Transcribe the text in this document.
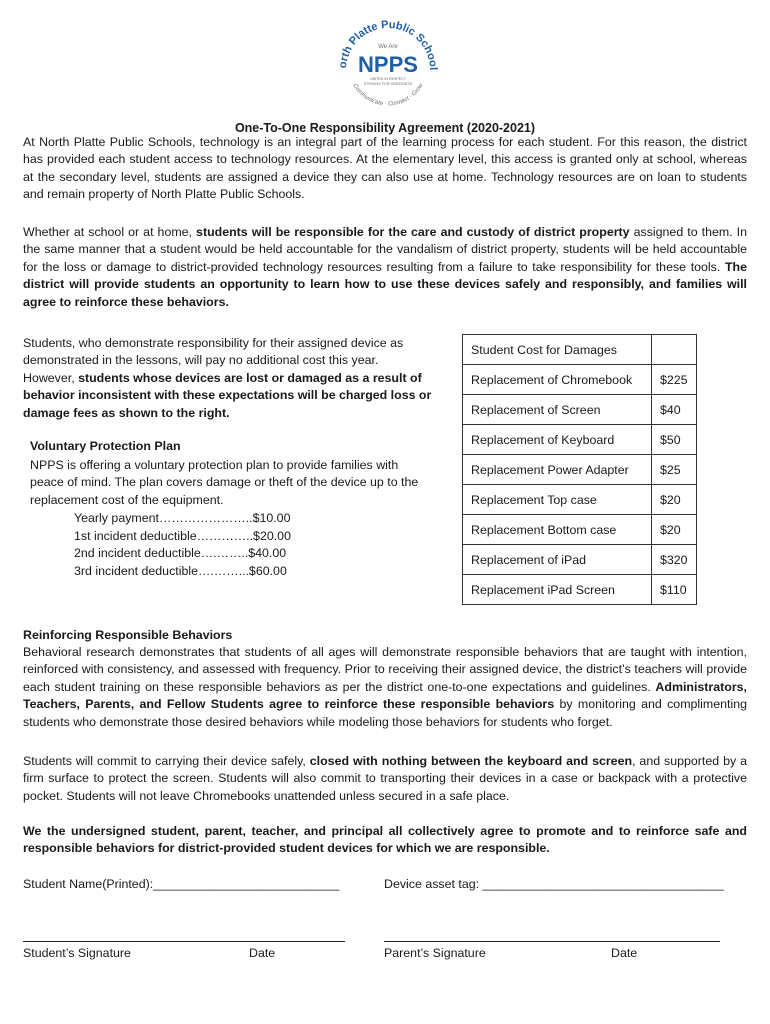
orth Platte Public School
We Are
NPPS
UNITED IN RESPECT
STRIVING FOR GREATNESS
Communicate · Connect · Grow
One-To-One Responsibility Agreement (2020-2021)

At North Platte Public Schools, technology is an integral part of the learning process for each student. For this reason, the district has provided each student access to technology resources. At the elementary level, this access is granted only at school, whereas at the secondary level, students are assigned a device they can also use at home. Technology resources are on loan to students and remain property of North Platte Public Schools.

Whether at school or at home, students will be responsible for the care and custody of district property assigned to them. In the same manner that a student would be held accountable for the vandalism of district property, students will be held accountable for the loss or damage to district-provided technology resources resulting from a failure to take responsibility for these tools. The district will provide students an opportunity to learn how to use these devices safely and responsibly, and families will agree to reinforce these behaviors.

Students, who demonstrate responsibility for their assigned device as demonstrated in the lessons, will pay no additional cost this year. However, students whose devices are lost or damaged as a result of behavior inconsistent with these expectations will be charged loss or damage fees as shown to the right.

Voluntary Protection Plan

NPPS is offering a voluntary protection plan to provide families with peace of mind. The plan covers damage or theft of the device up to the replacement cost of the equipment.

Yearly payment…………………..$10.00
1st incident deductible…………..$20.00
2nd incident deductible….……..$40.00
3rd incident deductible….……...$60.00
Student Cost for Damages	
Replacement of Chromebook	$225
Replacement of Screen	$40
Replacement of Keyboard	$50
Replacement Power Adapter	$25
Replacement Top case	$20
Replacement Bottom case	$20
Replacement of iPad	$320
Replacement iPad Screen	$110
Reinforcing Responsible Behaviors

Behavioral research demonstrates that students of all ages will demonstrate responsible behaviors that are taught with intention, reinforced with consistency, and assessed with frequency. Prior to receiving their assigned device, the district’s teachers will provide each student training on these responsible behaviors as per the district one-to-one expectations and guidelines. Administrators, Teachers, Parents, and Fellow Students agree to reinforce these responsible behaviors by monitoring and complimenting students who demonstrate those desired behaviors while modeling those behaviors for students who forget.

Students will commit to carrying their device safely, closed with nothing between the keyboard and screen, and supported by a firm surface to protect the screen. Students will also commit to transporting their devices in a case or backpack with a protective pocket. Students will not leave Chromebooks unattended unless secured in a safe place.

We the undersigned student, parent, teacher, and principal all collectively agree to promote and to reinforce safe and responsible behaviors for district-provided student devices for which we are responsible.

Student Name(Printed):___________________________	Device asset tag: ___________________________________
Student’s Signature	Date	Parent’s Signature	Date
